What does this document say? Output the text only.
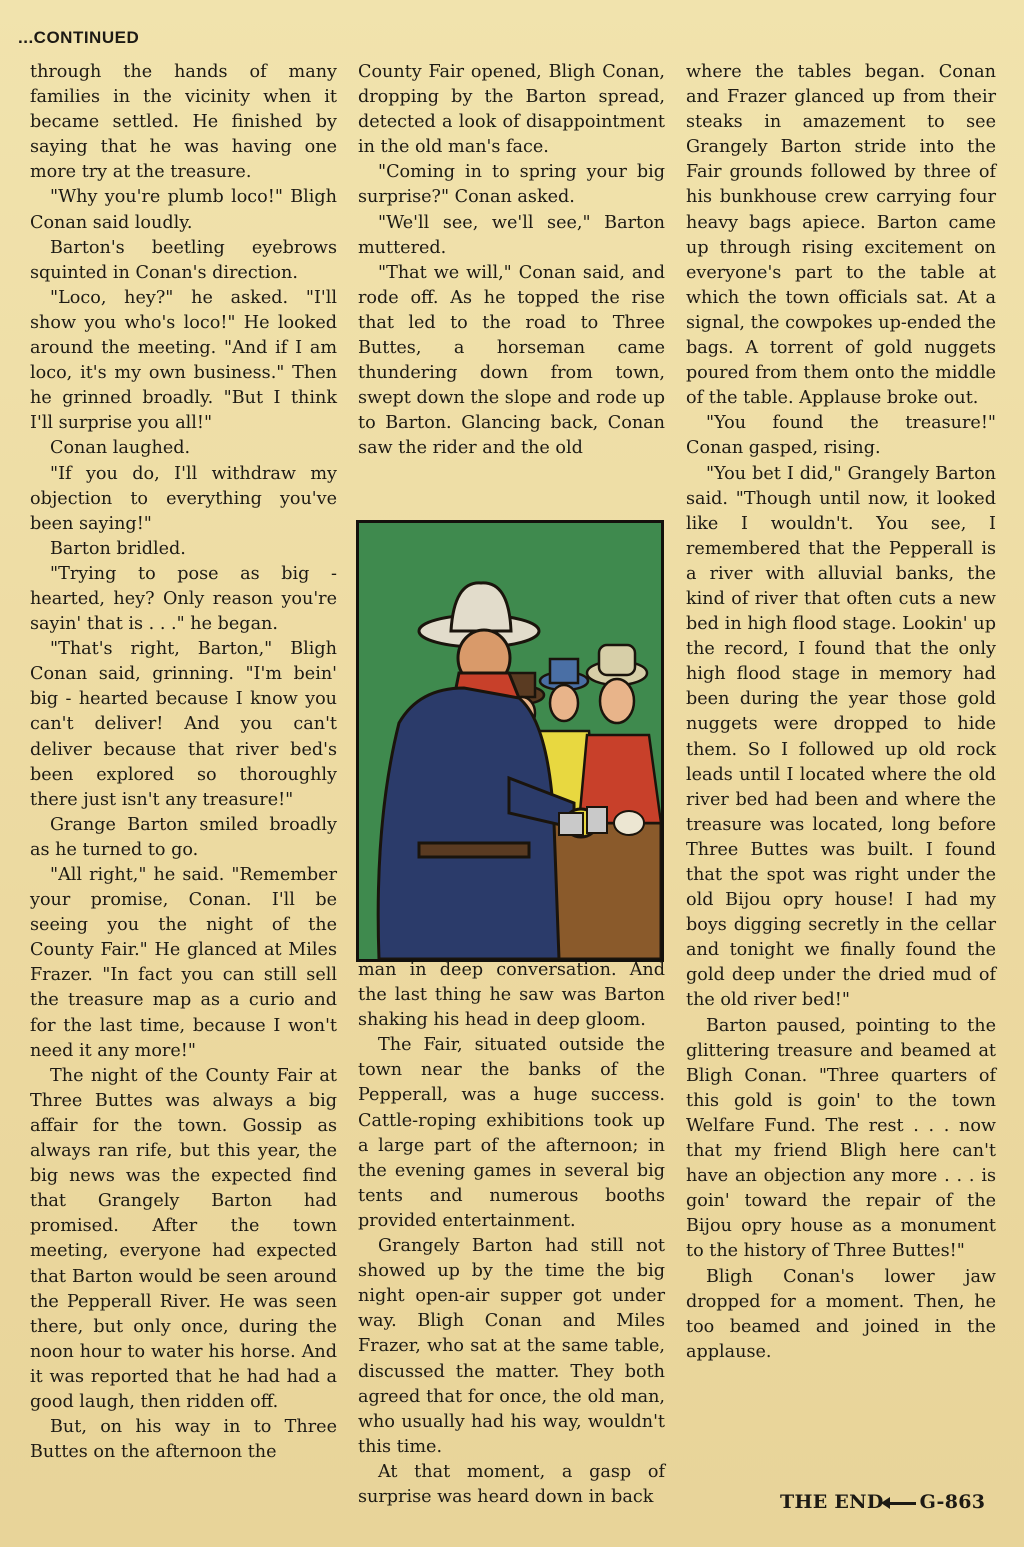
...CONTINUED

through the hands of many families in the vicinity when it became settled. He finished by saying that he was having one more try at the treasure.

"Why you're plumb loco!" Bligh Conan said loudly.

Barton's beetling eyebrows squinted in Conan's direction.

"Loco, hey?" he asked. "I'll show you who's loco!" He looked around the meeting. "And if I am loco, it's my own business." Then he grinned broadly. "But I think I'll surprise you all!"

Conan laughed.

"If you do, I'll withdraw my objection to everything you've been saying!"

Barton bridled.

"Trying to pose as big - hearted, hey? Only reason you're sayin' that is . . ." he began.

"That's right, Barton," Bligh Conan said, grinning. "I'm bein' big - hearted because I know you can't deliver! And you can't deliver because that river bed's been explored so thoroughly there just isn't any treasure!"

Grange Barton smiled broadly as he turned to go.

"All right," he said. "Remember your promise, Conan. I'll be seeing you the night of the County Fair." He glanced at Miles Frazer. "In fact you can still sell the treasure map as a curio and for the last time, because I won't need it any more!"

The night of the County Fair at Three Buttes was always a big affair for the town. Gossip as always ran rife, but this year, the big news was the expected find that Grangely Barton had promised. After the town meeting, everyone had expected that Barton would be seen around the Pepperall River. He was seen there, but only once, during the noon hour to water his horse. And it was reported that he had had a good laugh, then ridden off.

But, on his way in to Three Buttes on the afternoon the

County Fair opened, Bligh Conan, dropping by the Barton spread, detected a look of disappointment in the old man's face.

"Coming in to spring your big surprise?" Conan asked.

"We'll see, we'll see," Barton muttered.

"That we will," Conan said, and rode off. As he topped the rise that led to the road to Three Buttes, a horseman came thundering down from town, swept down the slope and rode up to Barton. Glancing back, Conan saw the rider and the old

man in deep conversation. And the last thing he saw was Barton shaking his head in deep gloom.

The Fair, situated outside the town near the banks of the Pepperall, was a huge success. Cattle-roping exhibitions took up a large part of the afternoon; in the evening games in several big tents and numerous booths provided entertainment.

Grangely Barton had still not showed up by the time the big night open-air supper got under way. Bligh Conan and Miles Frazer, who sat at the same table, discussed the matter. They both agreed that for once, the old man, who usually had his way, wouldn't this time.

At that moment, a gasp of surprise was heard down in back

where the tables began. Conan and Frazer glanced up from their steaks in amazement to see Grangely Barton stride into the Fair grounds followed by three of his bunkhouse crew carrying four heavy bags apiece. Barton came up through rising excitement on everyone's part to the table at which the town officials sat. At a signal, the cowpokes up-ended the bags. A torrent of gold nuggets poured from them onto the middle of the table. Applause broke out.

"You found the treasure!" Conan gasped, rising.

"You bet I did," Grangely Barton said. "Though until now, it looked like I wouldn't. You see, I remembered that the Pepperall is a river with alluvial banks, the kind of river that often cuts a new bed in high flood stage. Lookin' up the record, I found that the only high flood stage in memory had been during the year those gold nuggets were dropped to hide them. So I followed up old rock leads until I located where the old river bed had been and where the treasure was located, long before Three Buttes was built. I found that the spot was right under the old Bijou opry house! I had my boys digging secretly in the cellar and tonight we finally found the gold deep under the dried mud of the old river bed!"

Barton paused, pointing to the glittering treasure and beamed at Bligh Conan. "Three quarters of this gold is goin' to the town Welfare Fund. The rest . . . now that my friend Bligh here can't have an objection any more . . . is goin' toward the repair of the Bijou opry house as a monument to the history of Three Buttes!"

Bligh Conan's lower jaw dropped for a moment. Then, he too beamed and joined in the applause.

THE END G-863
